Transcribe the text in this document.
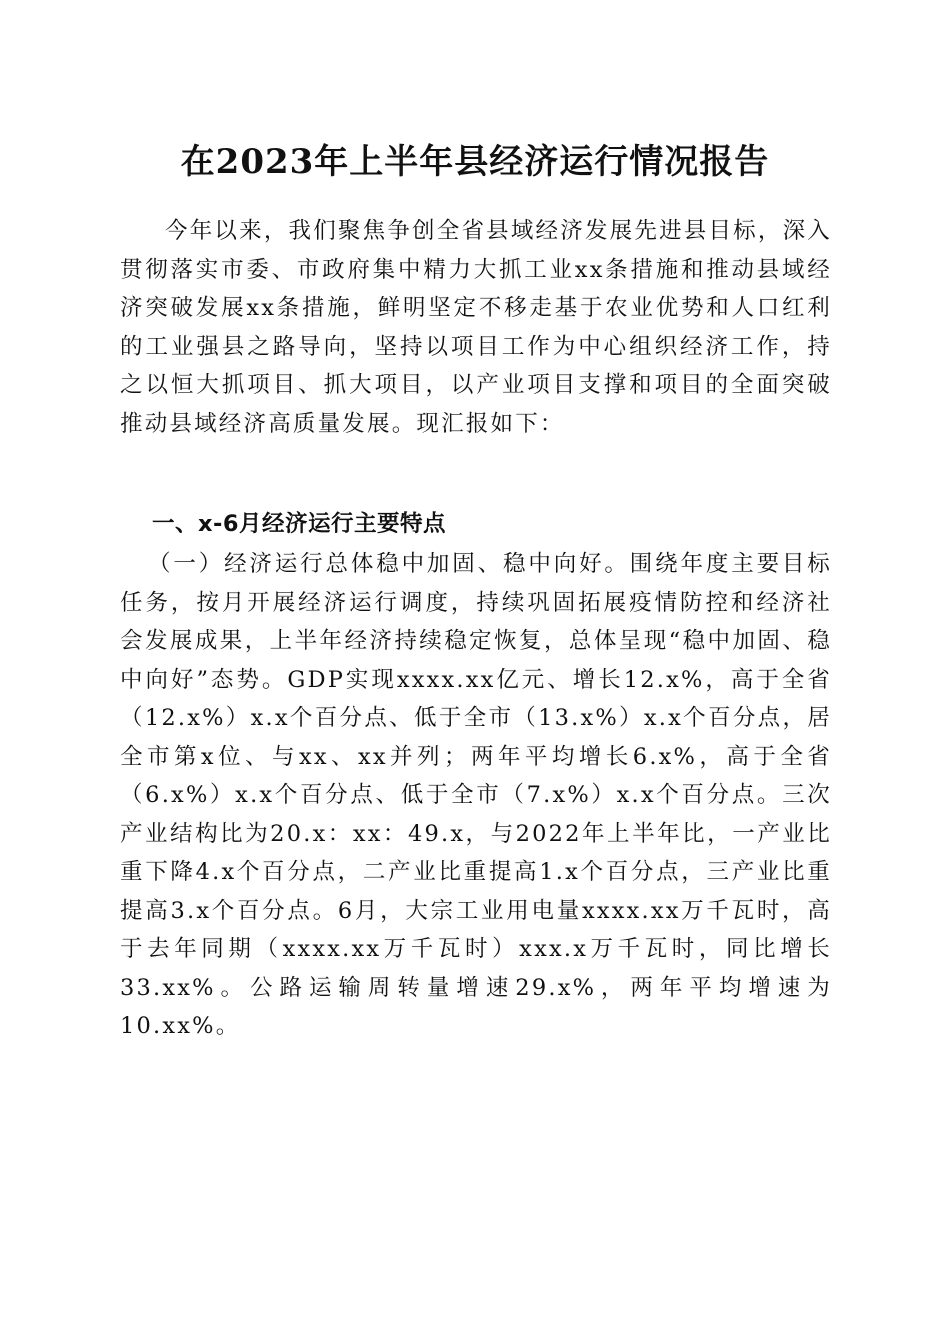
在2023年上半年县经济运行情况报告

今年以来，我们聚焦争创全省县域经济发展先进县目标，深入贯彻落实市委、市政府集中精力大抓工业xx条措施和推动县域经济突破发展xx条措施，鲜明坚定不移走基于农业优势和人口红利的工业强县之路导向，坚持以项目工作为中心组织经济工作，持之以恒大抓项目、抓大项目，以产业项目支撑和项目的全面突破推动县域经济高质量发展。现汇报如下：

一、x-6月经济运行主要特点

（一）经济运行总体稳中加固、稳中向好。围绕年度主要目标任务，按月开展经济运行调度，持续巩固拓展疫情防控和经济社会发展成果，上半年经济持续稳定恢复，总体呈现“稳中加固、稳中向好”态势。GDP实现xxxx.xx亿元、增长12.x%，高于全省（12.x%）x.x个百分点、低于全市（13.x%）x.x个百分点，居全市第x位、与xx、xx并列；两年平均增长6.x%，高于全省（6.x%）x.x个百分点、低于全市（7.x%）x.x个百分点。三次产业结构比为20.x：xx：49.x，与2022年上半年比，一产业比重下降4.x个百分点，二产业比重提高1.x个百分点，三产业比重提高3.x个百分点。6月，大宗工业用电量xxxx.xx万千瓦时，高于去年同期（xxxx.xx万千瓦时）xxx.x万千瓦时，同比增长33.xx%。公路运输周转量增速29.x%，两年平均增速为10.xx%。
